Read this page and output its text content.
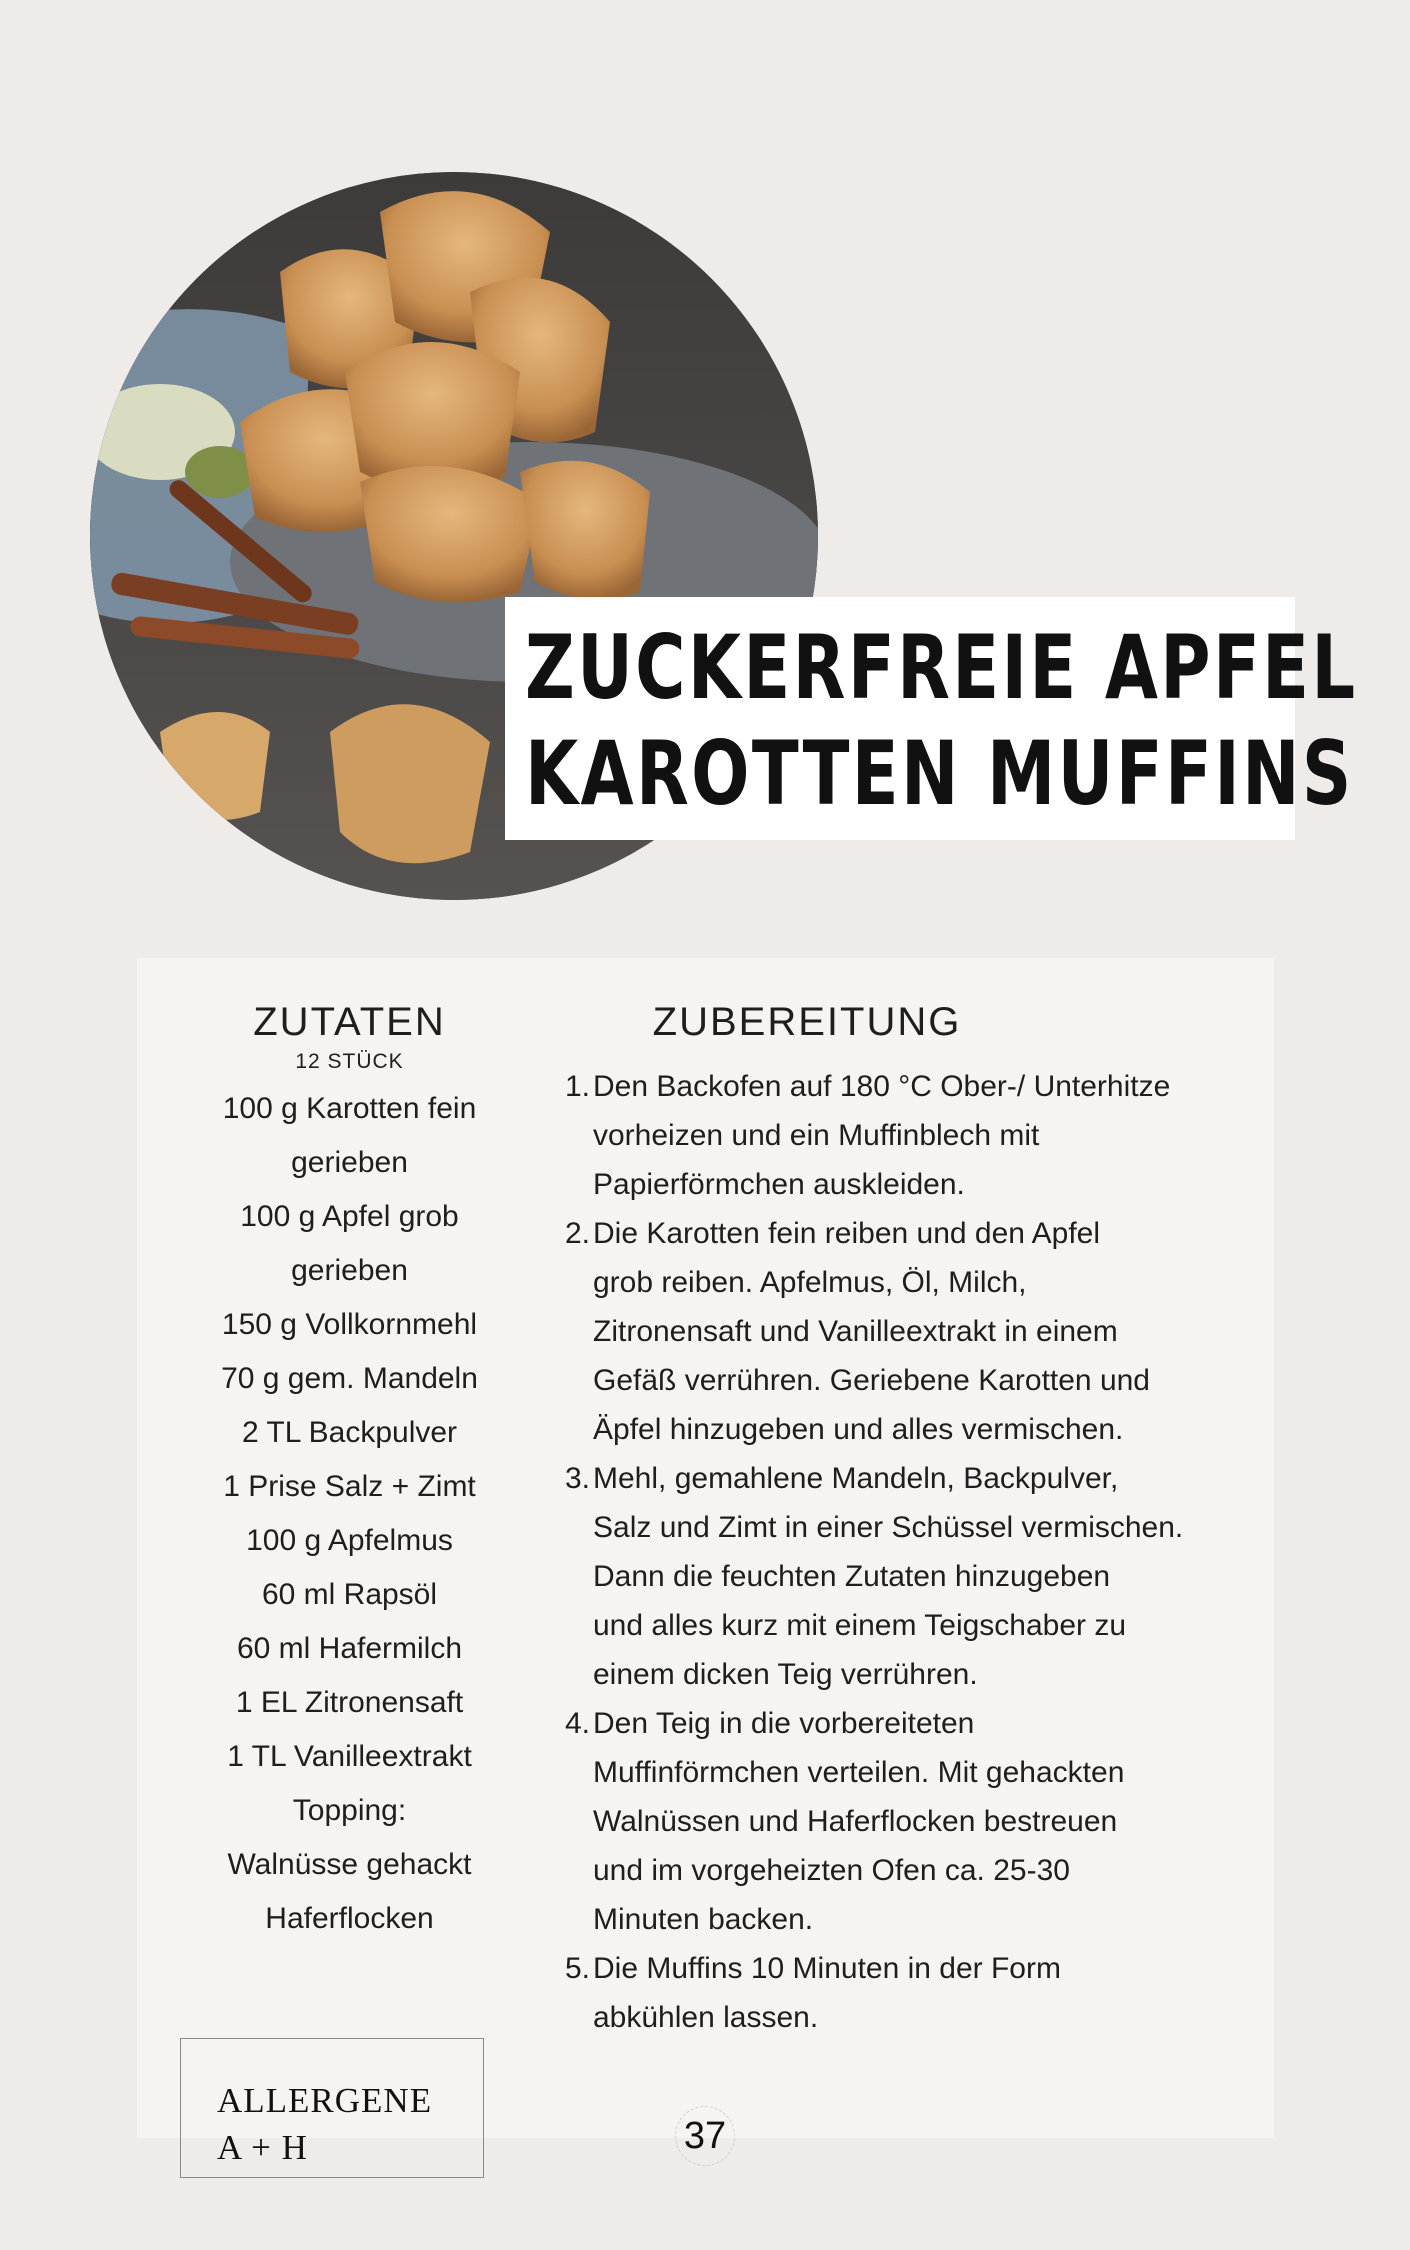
ZUCKERFREIE APFEL
KAROTTEN MUFFINS
ZUTATEN
12 STÜCK
100 g Karotten fein
gerieben
100 g Apfel grob
gerieben
150 g Vollkornmehl
70 g gem. Mandeln
2 TL Backpulver
1 Prise Salz + Zimt
100 g Apfelmus
60 ml Rapsöl
60 ml Hafermilch
1 EL Zitronensaft
1 TL Vanilleextrakt
Topping:
Walnüsse gehackt
Haferflocken
ZUBEREITUNG
1. Den Backofen auf 180 °C Ober-/ Unterhitze
vorheizen und ein Muffinblech mit
Papierförmchen auskleiden.
2. Die Karotten fein reiben und den Apfel
grob reiben. Apfelmus, Öl, Milch,
Zitronensaft und Vanilleextrakt in einem
Gefäß verrühren. Geriebene Karotten und
Äpfel hinzugeben und alles vermischen.
3. Mehl, gemahlene Mandeln, Backpulver,
Salz und Zimt in einer Schüssel vermischen.
Dann die feuchten Zutaten hinzugeben
und alles kurz mit einem Teigschaber zu
einem dicken Teig verrühren.
4. Den Teig in die vorbereiteten
Muffinförmchen verteilen. Mit gehackten
Walnüssen und Haferflocken bestreuen
und im vorgeheizten Ofen ca. 25-30
Minuten backen.
5. Die Muffins 10 Minuten in der Form
abkühlen lassen.
ALLERGENE
A + H	37
